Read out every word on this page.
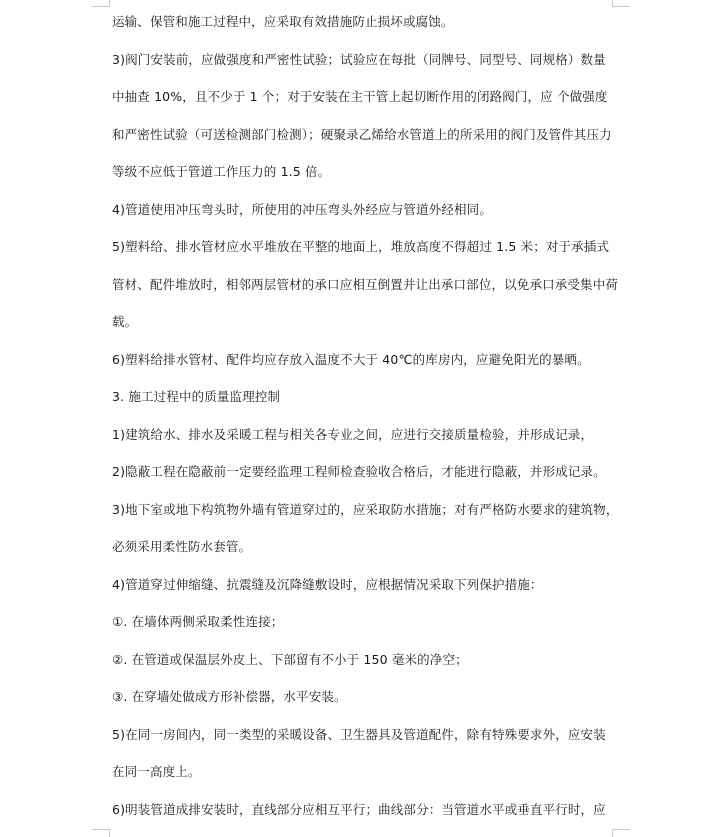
运输、保管和施工过程中，应采取有效措施防止损坏或腐蚀。
3)阀门安装前，应做强度和严密性试验；试验应在每批（同牌号、同型号、同规格）数量
中抽查 10%，且不少于 1 个；对于安装在主干管上起切断作用的闭路阀门，应 个做强度
和严密性试验（可送检测部门检测）；硬聚录乙烯给水管道上的所采用的阀门及管件其压力
等级不应低于管道工作压力的 1.5 倍。
4)管道使用冲压弯头时，所使用的冲压弯头外经应与管道外经相同。
5)塑料给、排水管材应水平堆放在平整的地面上，堆放高度不得超过 1.5 米；对于承插式
管材、配件堆放时，相邻两层管材的承口应相互倒置并让出承口部位，以免承口承受集中荷
载。
6)塑料给排水管材、配件均应存放入温度不大于 40℃的库房内，应避免阳光的暴晒。
3. 施工过程中的质量监理控制
1)建筑给水、排水及采暖工程与相关各专业之间，应进行交接质量检验，并形成记录，
2)隐蔽工程在隐蔽前一定要经监理工程师检查验收合格后，才能进行隐蔽，并形成记录。
3)地下室或地下构筑物外墙有管道穿过的，应采取防水措施；对有严格防水要求的建筑物，
必须采用柔性防水套管。
4)管道穿过伸缩缝、抗震缝及沉降缝敷设时，应根据情况采取下列保护措施：
①. 在墙体两侧采取柔性连接；
②. 在管道或保温层外皮上、下部留有不小于 150 毫米的净空；
③. 在穿墙处做成方形补偿器，水平安装。
5)在同一房间内，同一类型的采暖设备、卫生器具及管道配件，除有特殊要求外，应安装
在同一高度上。
6)明装管道成排安装时，直线部分应相互平行；曲线部分：当管道水平或垂直平行时，应
